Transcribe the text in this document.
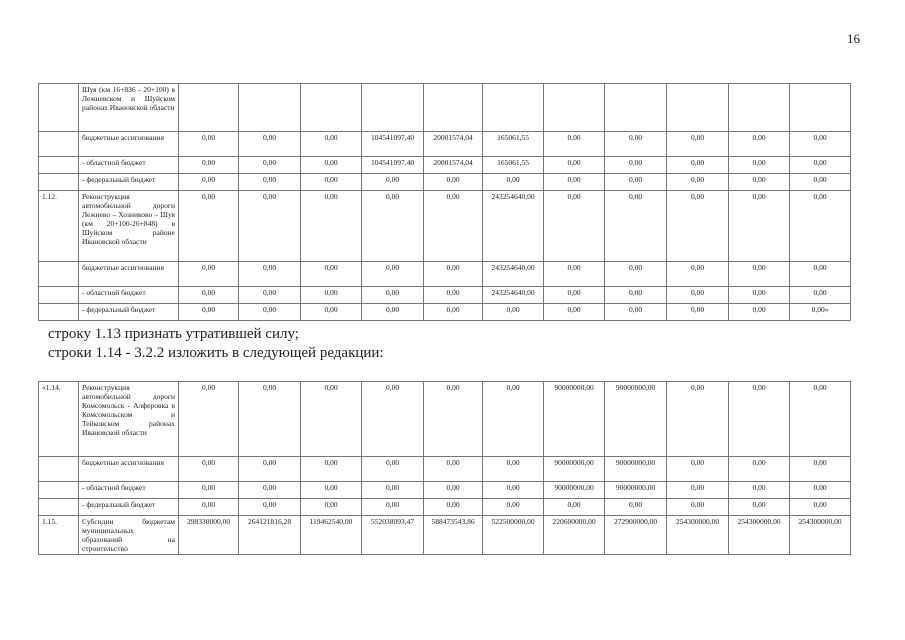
16
	Шуя (км 16+836 - 20+100) в Лежневском и Шуйском районах Ивановской области											
	бюджетные ассигнования	0,00	0,00	0,00	104541097,40	20001574,04	165061,55	0,00	0,00	0,00	0,00	0,00
	- областной бюджет	0,00	0,00	0,00	104541097,40	20001574,04	165061,55	0,00	0,00	0,00	0,00	0,00
	- федеральный бюджет	0,00	0,00	0,00	0,00	0,00	0,00	0,00	0,00	0,00	0,00	0,00
1.12.	Реконструкция автомобильной дороги Лежнево – Хозниково – Шуя (км 20+100-26+848) в Шуйском районе Ивановской области	0,00	0,00	0,00	0,00	0,00	243254640,00	0,00	0,00	0,00	0,00	0,00
	бюджетные ассигнования	0,00	0,00	0,00	0,00	0,00	243254640,00	0,00	0,00	0,00	0,00	0,00
	- областной бюджет	0,00	0,00	0,00	0,00	0,00	243254640,00	0,00	0,00	0,00	0,00	0,00
	- федеральный бюджет	0,00	0,00	0,00	0,00	0,00	0,00	0,00	0,00	0,00	0,00	0,00»
строку 1.13 признать утратившей силу;
строки 1.14 - 3.2.2 изложить в следующей редакции:
«1.14.	Реконструкция автомобильной дороги Комсомольск - Алферовка в Комсомольском и Тейковском районах Ивановской области	0,00	0,00	0,00	0,00	0,00	0,00	90000000,00	90000000,00	0,00	0,00	0,00
	бюджетные ассигнования	0,00	0,00	0,00	0,00	0,00	0,00	90000000,00	90000000,00	0,00	0,00	0,00
	- областной бюджет	0,00	0,00	0,00	0,00	0,00	0,00	90000000,00	90000000,00	0,00	0,00	0,00
	- федеральный бюджет	0,00	0,00	0,00	0,00	0,00	0,00	0,00	0,00	0,00	0,00	0,00
1.15.	Субсидии бюджетам муниципальных образований на строительство	298330000,00	264121816,28	119462540,00	552038093,47	588473543,86	522500000,00	220600000,00	272900000,00	254300000,00	254300000,00	254300000,00
